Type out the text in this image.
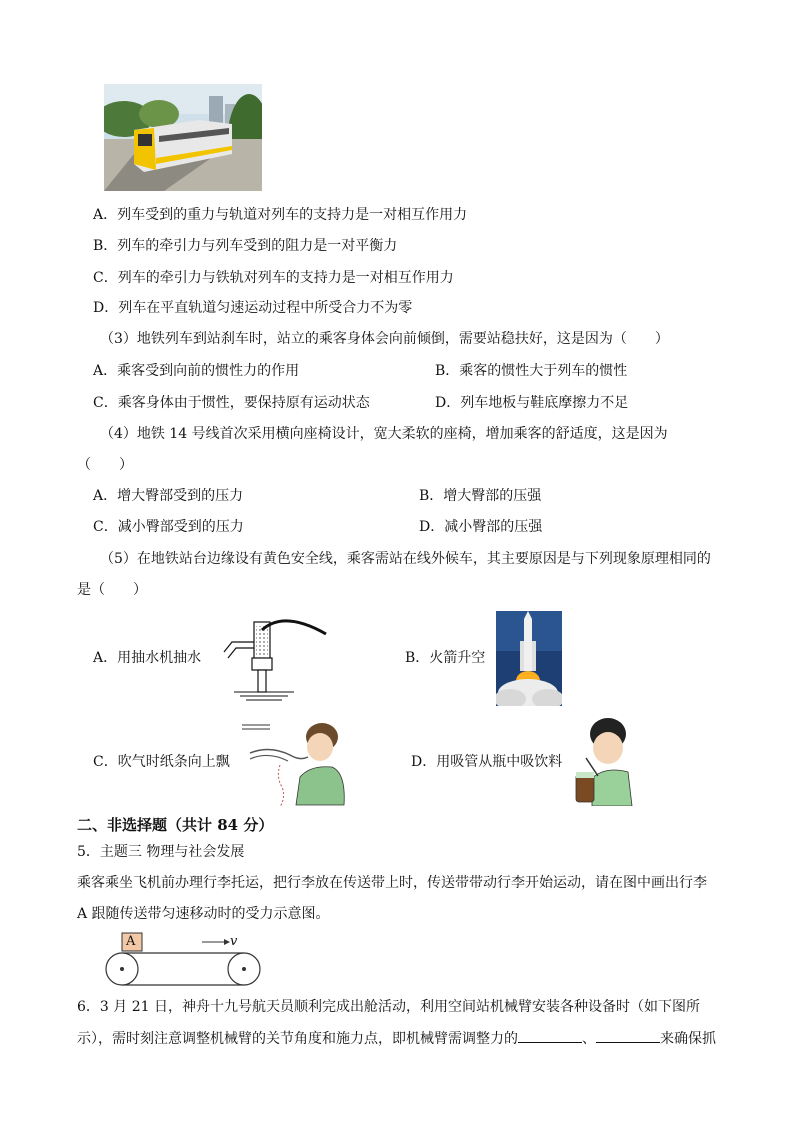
A．列车受到的重力与轨道对列车的支持力是一对相互作用力
B．列车的牵引力与列车受到的阻力是一对平衡力
C．列车的牵引力与铁轨对列车的支持力是一对相互作用力
D．列车在平直轨道匀速运动过程中所受合力不为零
（3）地铁列车到站刹车时，站立的乘客身体会向前倾倒，需要站稳扶好，这是因为（　　）
A．乘客受到向前的惯性力的作用	B．乘客的惯性大于列车的惯性
C．乘客身体由于惯性，要保持原有运动状态	D．列车地板与鞋底摩擦力不足
（4）地铁 14 号线首次采用横向座椅设计，宽大柔软的座椅，增加乘客的舒适度，这是因为
（　　）
A．增大臀部受到的压力	B．增大臀部的压强
C．减小臀部受到的压力	D．减小臀部的压强
（5）在地铁站台边缘设有黄色安全线，乘客需站在线外候车，其主要原因是与下列现象原理相同的
是（　　）
A．用抽水机抽水	B．火箭升空
C．吹气时纸条向上飘	D．用吸管从瓶中吸饮料
二、非选择题（共计 84 分）
5．主题三 物理与社会发展
乘客乘坐飞机前办理行李托运，把行李放在传送带上时，传送带带动行李开始运动，请在图中画出行李
A 跟随传送带匀速移动时的受力示意图。
A	v
6．3 月 21 日，神舟十九号航天员顺利完成出舱活动，利用空间站机械臂安装各种设备时（如下图所
示），需时刻注意调整机械臂的关节角度和施力点，即机械臂需调整力的	、	来确保抓
